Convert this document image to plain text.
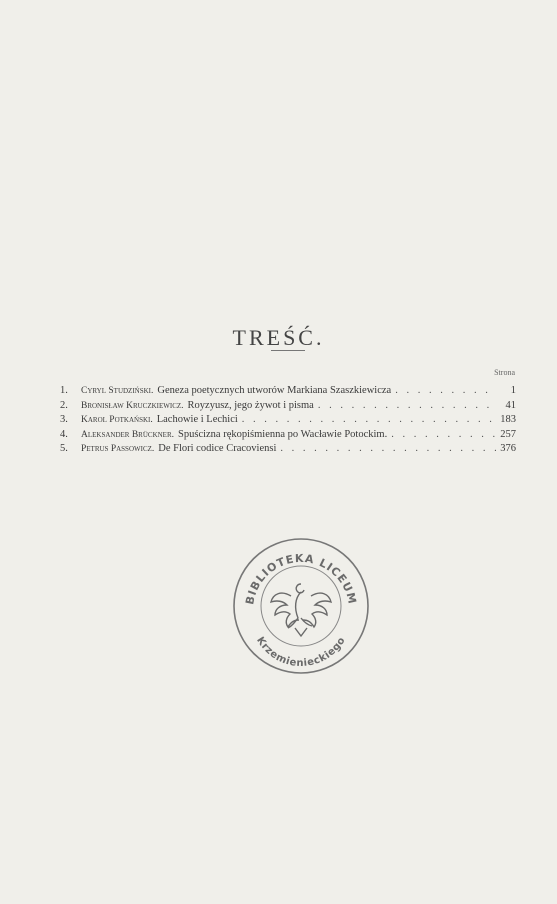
TREŚĆ.
Strona
1.	Cyryl Studziński. Geneza poetycznych utworów Markiana Szaszkiewicza . . .	1
2.	Bronisław Kruczkiewicz. Royzyusz, jego żywot i pisma . . .	41
3.	Karol Potkański. Lachowie i Lechici . . .	183
4.	Aleksander Brückner. Spuścizna rękopiśmienna po Wacławie Potockim. . . .	257
5.	Petrus Passowicz. De Flori codice Cracoviensi . . .	376
BIBLIOTEKA LICEUM
Krzemienieckiego
